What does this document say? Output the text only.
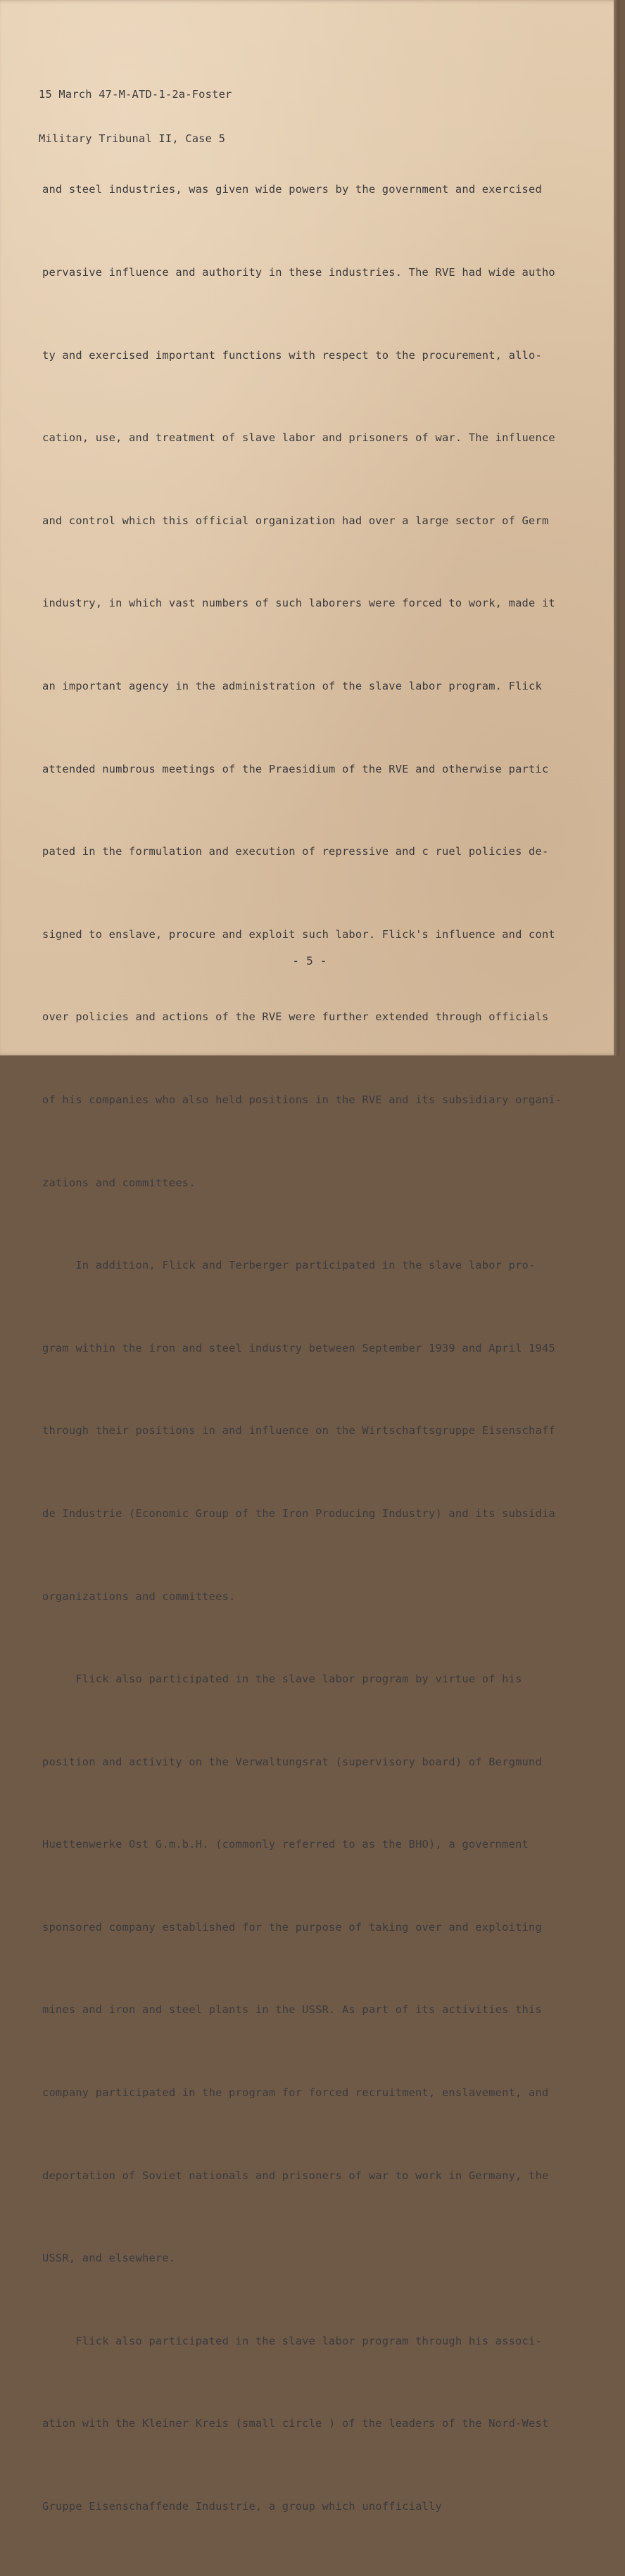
15 March 47-M-ATD-1-2a-Foster

Military Tribunal II, Case 5

and steel industries, was given wide powers by the government and exercised

pervasive influence and authority in these industries. The RVE had wide autho

ty and exercised important functions with respect to the procurement, allo-

cation, use, and treatment of slave labor and prisoners of war. The influence

and control which this official organization had over a large sector of Germ

industry, in which vast numbers of such laborers were forced to work, made it

an important agency in the administration of the slave labor program. Flick

attended numbrous meetings of the Praesidium of the RVE and otherwise partic

pated in the formulation and execution of repressive and c ruel policies de-

signed to enslave, procure and exploit such labor. Flick's influence and cont

over policies and actions of the RVE were further extended through officials

of his companies who also held positions in the RVE and its subsidiary organi-

zations and committees.

In addition, Flick and Terberger participated in the slave labor pro-

gram within the iron and steel industry between September 1939 and April 1945

through their positions in and influence on the Wirtschaftsgruppe Eisenschaff

de Industrie (Economic Group of the Iron Producing Industry) and its subsidia

organizations and committees.

Flick also participated in the slave labor program by virtue of his

position and activity on the Verwaltungsrat (supervisory board) of Bergmund

Huettenwerke Ost G.m.b.H. (commonly referred to as the BHO), a government

sponsored company established for the purpose of taking over and exploiting

mines and iron and steel plants in the USSR. As part of its activities this

company participated in the program for forced recruitment, enslavement, and

deportation of Soviet nationals and prisoners of war to work in Germany, the

USSR, and elsewhere.

Flick also participated in the slave labor program through his associ-

ation with the Kleiner Kreis (small circle ) of the leaders of the Nord-West

Gruppe Eisenschaffende Industrie, a group which unofficially

- 5 -
